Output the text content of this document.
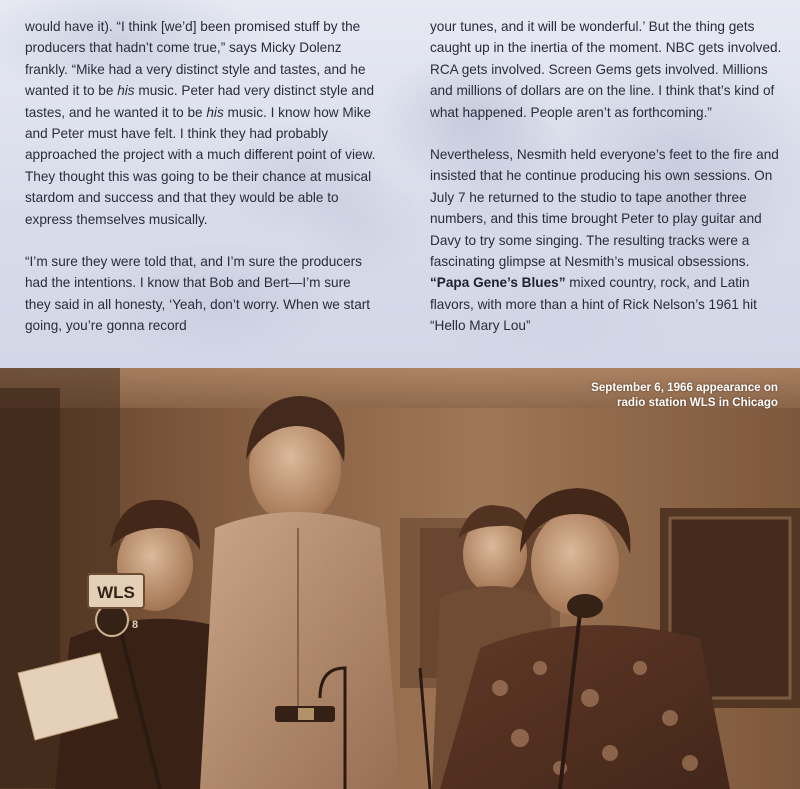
would have it). “I think [we’d] been promised stuff by the producers that hadn’t come true,” says Micky Dolenz frankly. “Mike had a very distinct style and tastes, and he wanted it to be his music. Peter had very distinct style and tastes, and he wanted it to be his music. I know how Mike and Peter must have felt. I think they had probably approached the project with a much different point of view. They thought this was going to be their chance at musical stardom and success and that they would be able to express themselves musically.

“I’m sure they were told that, and I’m sure the producers had the intentions. I know that Bob and Bert—I’m sure they said in all honesty, ‘Yeah, don’t worry. When we start going, you’re gonna record

your tunes, and it will be wonderful.’ But the thing gets caught up in the inertia of the moment. NBC gets involved. RCA gets involved. Screen Gems gets involved. Millions and millions of dollars are on the line. I think that’s kind of what happened. People aren’t as forthcoming.”

Nevertheless, Nesmith held everyone’s feet to the fire and insisted that he continue producing his own sessions. On July 7 he returned to the studio to tape another three numbers, and this time brought Peter to play guitar and Davy to try some singing. The resulting tracks were a fascinating glimpse at Nesmith’s musical obsessions. “Papa Gene’s Blues” mixed country, rock, and Latin flavors, with more than a hint of Rick Nelson’s 1961 hit “Hello Mary Lou”

WLS
8
September 6, 1966 appearance on
radio station WLS in Chicago
